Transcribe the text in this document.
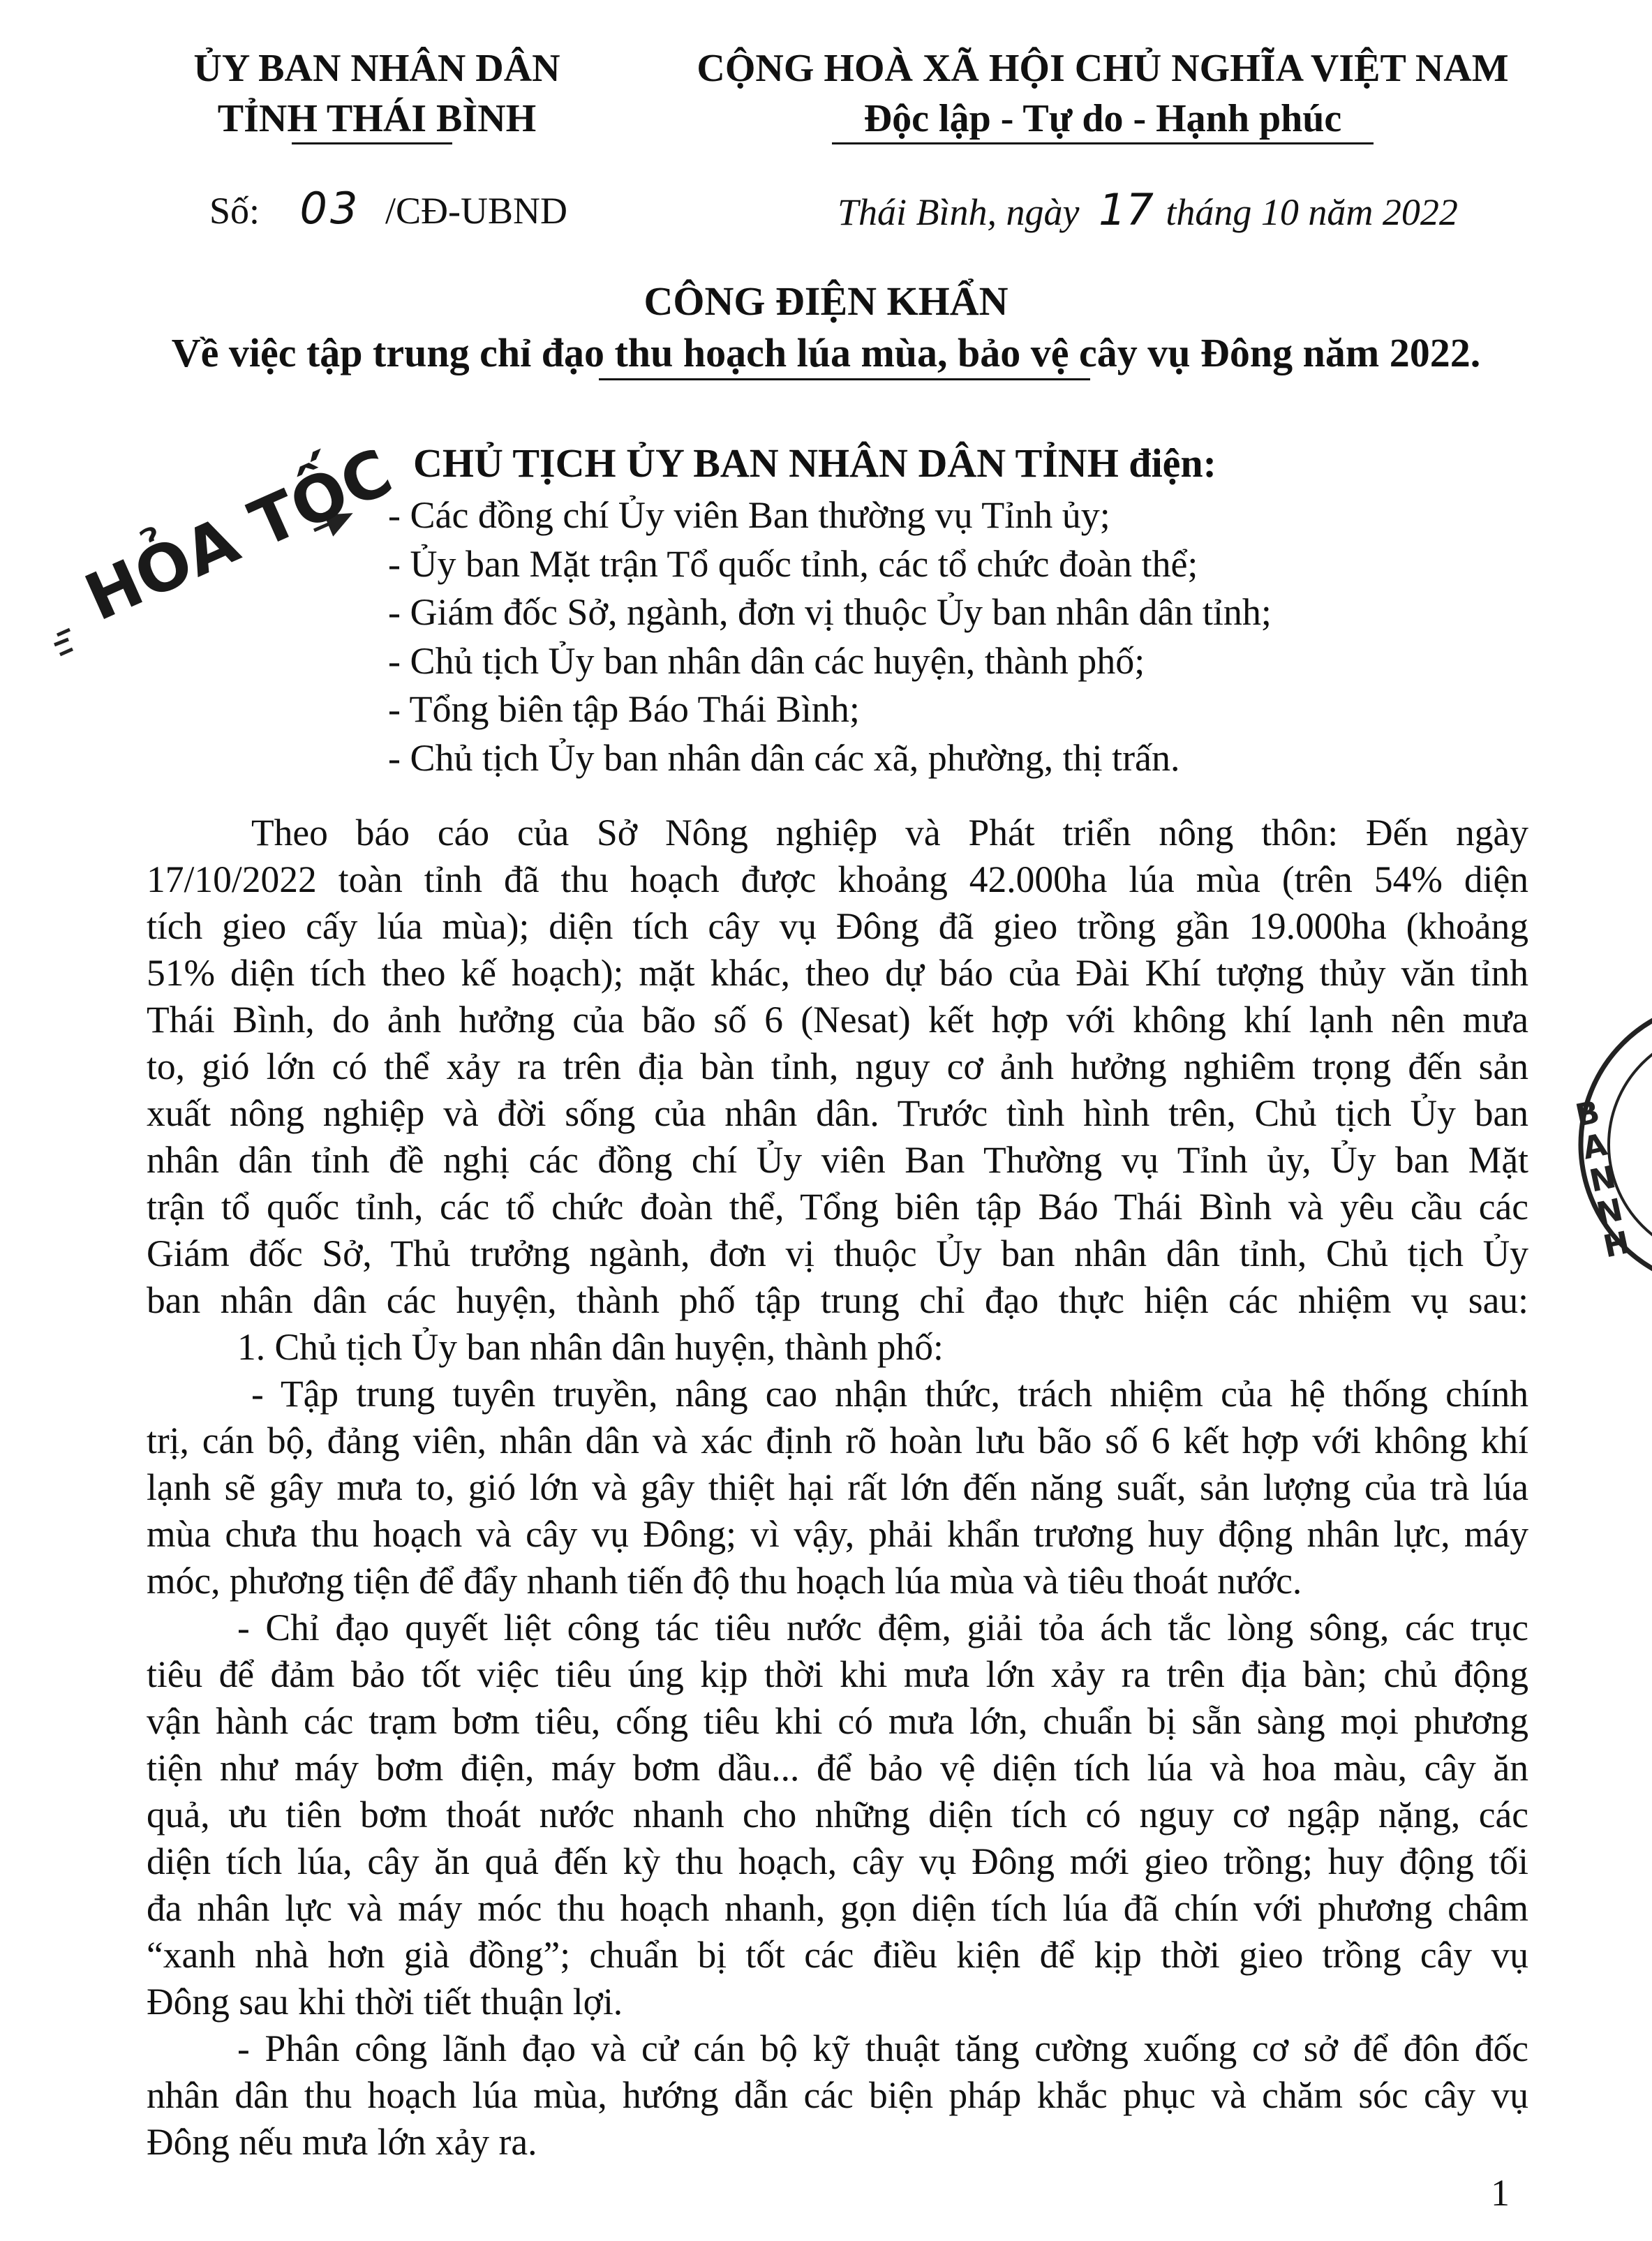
ỦY BAN NHÂN DÂN
TỈNH THÁI BÌNH
CỘNG HOÀ XÃ HỘI CHỦ NGHĨA VIỆT NAM
Độc lập - Tự do - Hạnh phúc
Số: 03 /CĐ-UBND	Thái Bình, ngày 17 tháng 10 năm 2022
CÔNG ĐIỆN KHẨN
Về việc tập trung chỉ đạo thu hoạch lúa mùa, bảo vệ cây vụ Đông năm 2022.
HỎA TỐC CHỦ TỊCH ỦY BAN NHÂN DÂN TỈNH điện:
- Các đồng chí Ủy viên Ban thường vụ Tỉnh ủy;
- Ủy ban Mặt trận Tổ quốc tỉnh, các tổ chức đoàn thể;
- Giám đốc Sở, ngành, đơn vị thuộc Ủy ban nhân dân tỉnh;
- Chủ tịch Ủy ban nhân dân các huyện, thành phố;
- Tổng biên tập Báo Thái Bình;
- Chủ tịch Ủy ban nhân dân các xã, phường, thị trấn.
BAN NH
Theo báo cáo của Sở Nông nghiệp và Phát triển nông thôn: Đến ngày
17/10/2022 toàn tỉnh đã thu hoạch được khoảng 42.000ha lúa mùa (trên 54% diện
tích gieo cấy lúa mùa); diện tích cây vụ Đông đã gieo trồng gần 19.000ha (khoảng
51% diện tích theo kế hoạch); mặt khác, theo dự báo của Đài Khí tượng thủy văn tỉnh
Thái Bình, do ảnh hưởng của bão số 6 (Nesat) kết hợp với không khí lạnh nên mưa
to, gió lớn có thể xảy ra trên địa bàn tỉnh, nguy cơ ảnh hưởng nghiêm trọng đến sản
xuất nông nghiệp và đời sống của nhân dân. Trước tình hình trên, Chủ tịch Ủy ban
nhân dân tỉnh đề nghị các đồng chí Ủy viên Ban Thường vụ Tỉnh ủy, Ủy ban Mặt
trận tổ quốc tỉnh, các tổ chức đoàn thể, Tổng biên tập Báo Thái Bình và yêu cầu các
Giám đốc Sở, Thủ trưởng ngành, đơn vị thuộc Ủy ban nhân dân tỉnh, Chủ tịch Ủy
ban nhân dân các huyện, thành phố tập trung chỉ đạo thực hiện các nhiệm vụ sau:
1. Chủ tịch Ủy ban nhân dân huyện, thành phố:
- Tập trung tuyên truyền, nâng cao nhận thức, trách nhiệm của hệ thống chính
trị, cán bộ, đảng viên, nhân dân và xác định rõ hoàn lưu bão số 6 kết hợp với không khí
lạnh sẽ gây mưa to, gió lớn và gây thiệt hại rất lớn đến năng suất, sản lượng của trà lúa
mùa chưa thu hoạch và cây vụ Đông; vì vậy, phải khẩn trương huy động nhân lực, máy
móc, phương tiện để đẩy nhanh tiến độ thu hoạch lúa mùa và tiêu thoát nước.
- Chỉ đạo quyết liệt công tác tiêu nước đệm, giải tỏa ách tắc lòng sông, các trục
tiêu để đảm bảo tốt việc tiêu úng kịp thời khi mưa lớn xảy ra trên địa bàn; chủ động
vận hành các trạm bơm tiêu, cống tiêu khi có mưa lớn, chuẩn bị sẵn sàng mọi phương
tiện như máy bơm điện, máy bơm dầu... để bảo vệ diện tích lúa và hoa màu, cây ăn
quả, ưu tiên bơm thoát nước nhanh cho những diện tích có nguy cơ ngập nặng, các
diện tích lúa, cây ăn quả đến kỳ thu hoạch, cây vụ Đông mới gieo trồng; huy động tối
đa nhân lực và máy móc thu hoạch nhanh, gọn diện tích lúa đã chín với phương châm
“xanh nhà hơn già đồng”; chuẩn bị tốt các điều kiện để kịp thời gieo trồng cây vụ
Đông sau khi thời tiết thuận lợi.
- Phân công lãnh đạo và cử cán bộ kỹ thuật tăng cường xuống cơ sở để đôn đốc
nhân dân thu hoạch lúa mùa, hướng dẫn các biện pháp khắc phục và chăm sóc cây vụ
Đông nếu mưa lớn xảy ra.
1
